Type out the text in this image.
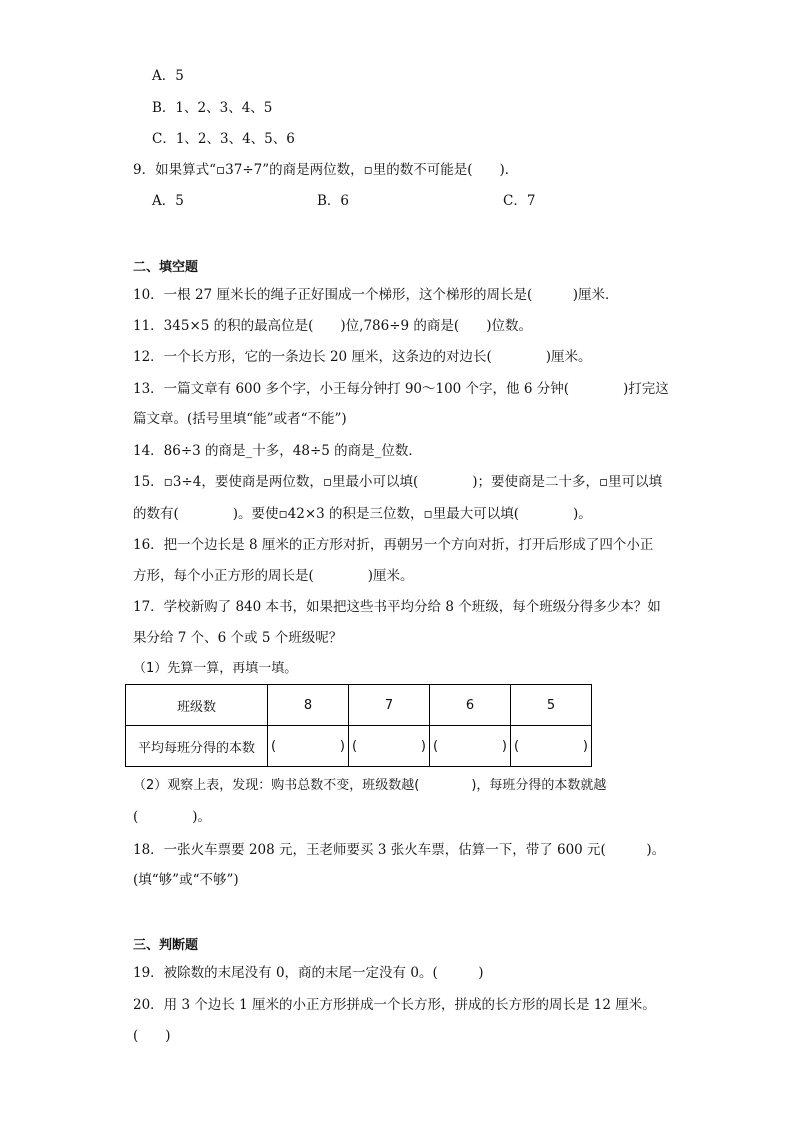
A．5
B．1、2、3、4、5
C．1、2、3、4、5、6
9．如果算式“▫37÷7”的商是两位数，▫里的数不可能是(　　)．
A．5	B．6	C．7
二、填空题
10．一根 27 厘米长的绳子正好围成一个梯形，这个梯形的周长是(　　　)厘米．
11．345×5 的积的最高位是(　　)位,786÷9 的商是(　　)位数。
12．一个长方形，它的一条边长 20 厘米，这条边的对边长(　　　　)厘米。
13．一篇文章有 600 多个字，小王每分钟打 90～100 个字，他 6 分钟(　　　　)打完这
篇文章。(括号里填“能”或者“不能”)
14．86÷3 的商是_十多，48÷5 的商是_位数．
15．▫3÷4，要使商是两位数，▫里最小可以填(　　　　)；要使商是二十多，▫里可以填
的数有(　　　　)。要使▫42×3 的积是三位数，▫里最大可以填(　　　　)。
16．把一个边长是 8 厘米的正方形对折，再朝另一个方向对折，打开后形成了四个小正
方形，每个小正方形的周长是(　　　　)厘米。
17．学校新购了 840 本书，如果把这些书平均分给 8 个班级，每个班级分得多少本？如
果分给 7 个、6 个或 5 个班级呢？
（1）先算一算，再填一填。
班级数	8	7	6	5
平均每班分得的本数	( )	( )	( )	( )
（2）观察上表，发现：购书总数不变，班级数越(　　　　)，每班分得的本数就越
(　　　　)。
18．一张火车票要 208 元，王老师要买 3 张火车票，估算一下，带了 600 元(　　　)。
(填“够”或“不够”)
三、判断题
19．被除数的末尾没有 0，商的末尾一定没有 0。(　　　)
20．用 3 个边长 1 厘米的小正方形拼成一个长方形，拼成的长方形的周长是 12 厘米。
(　　)
